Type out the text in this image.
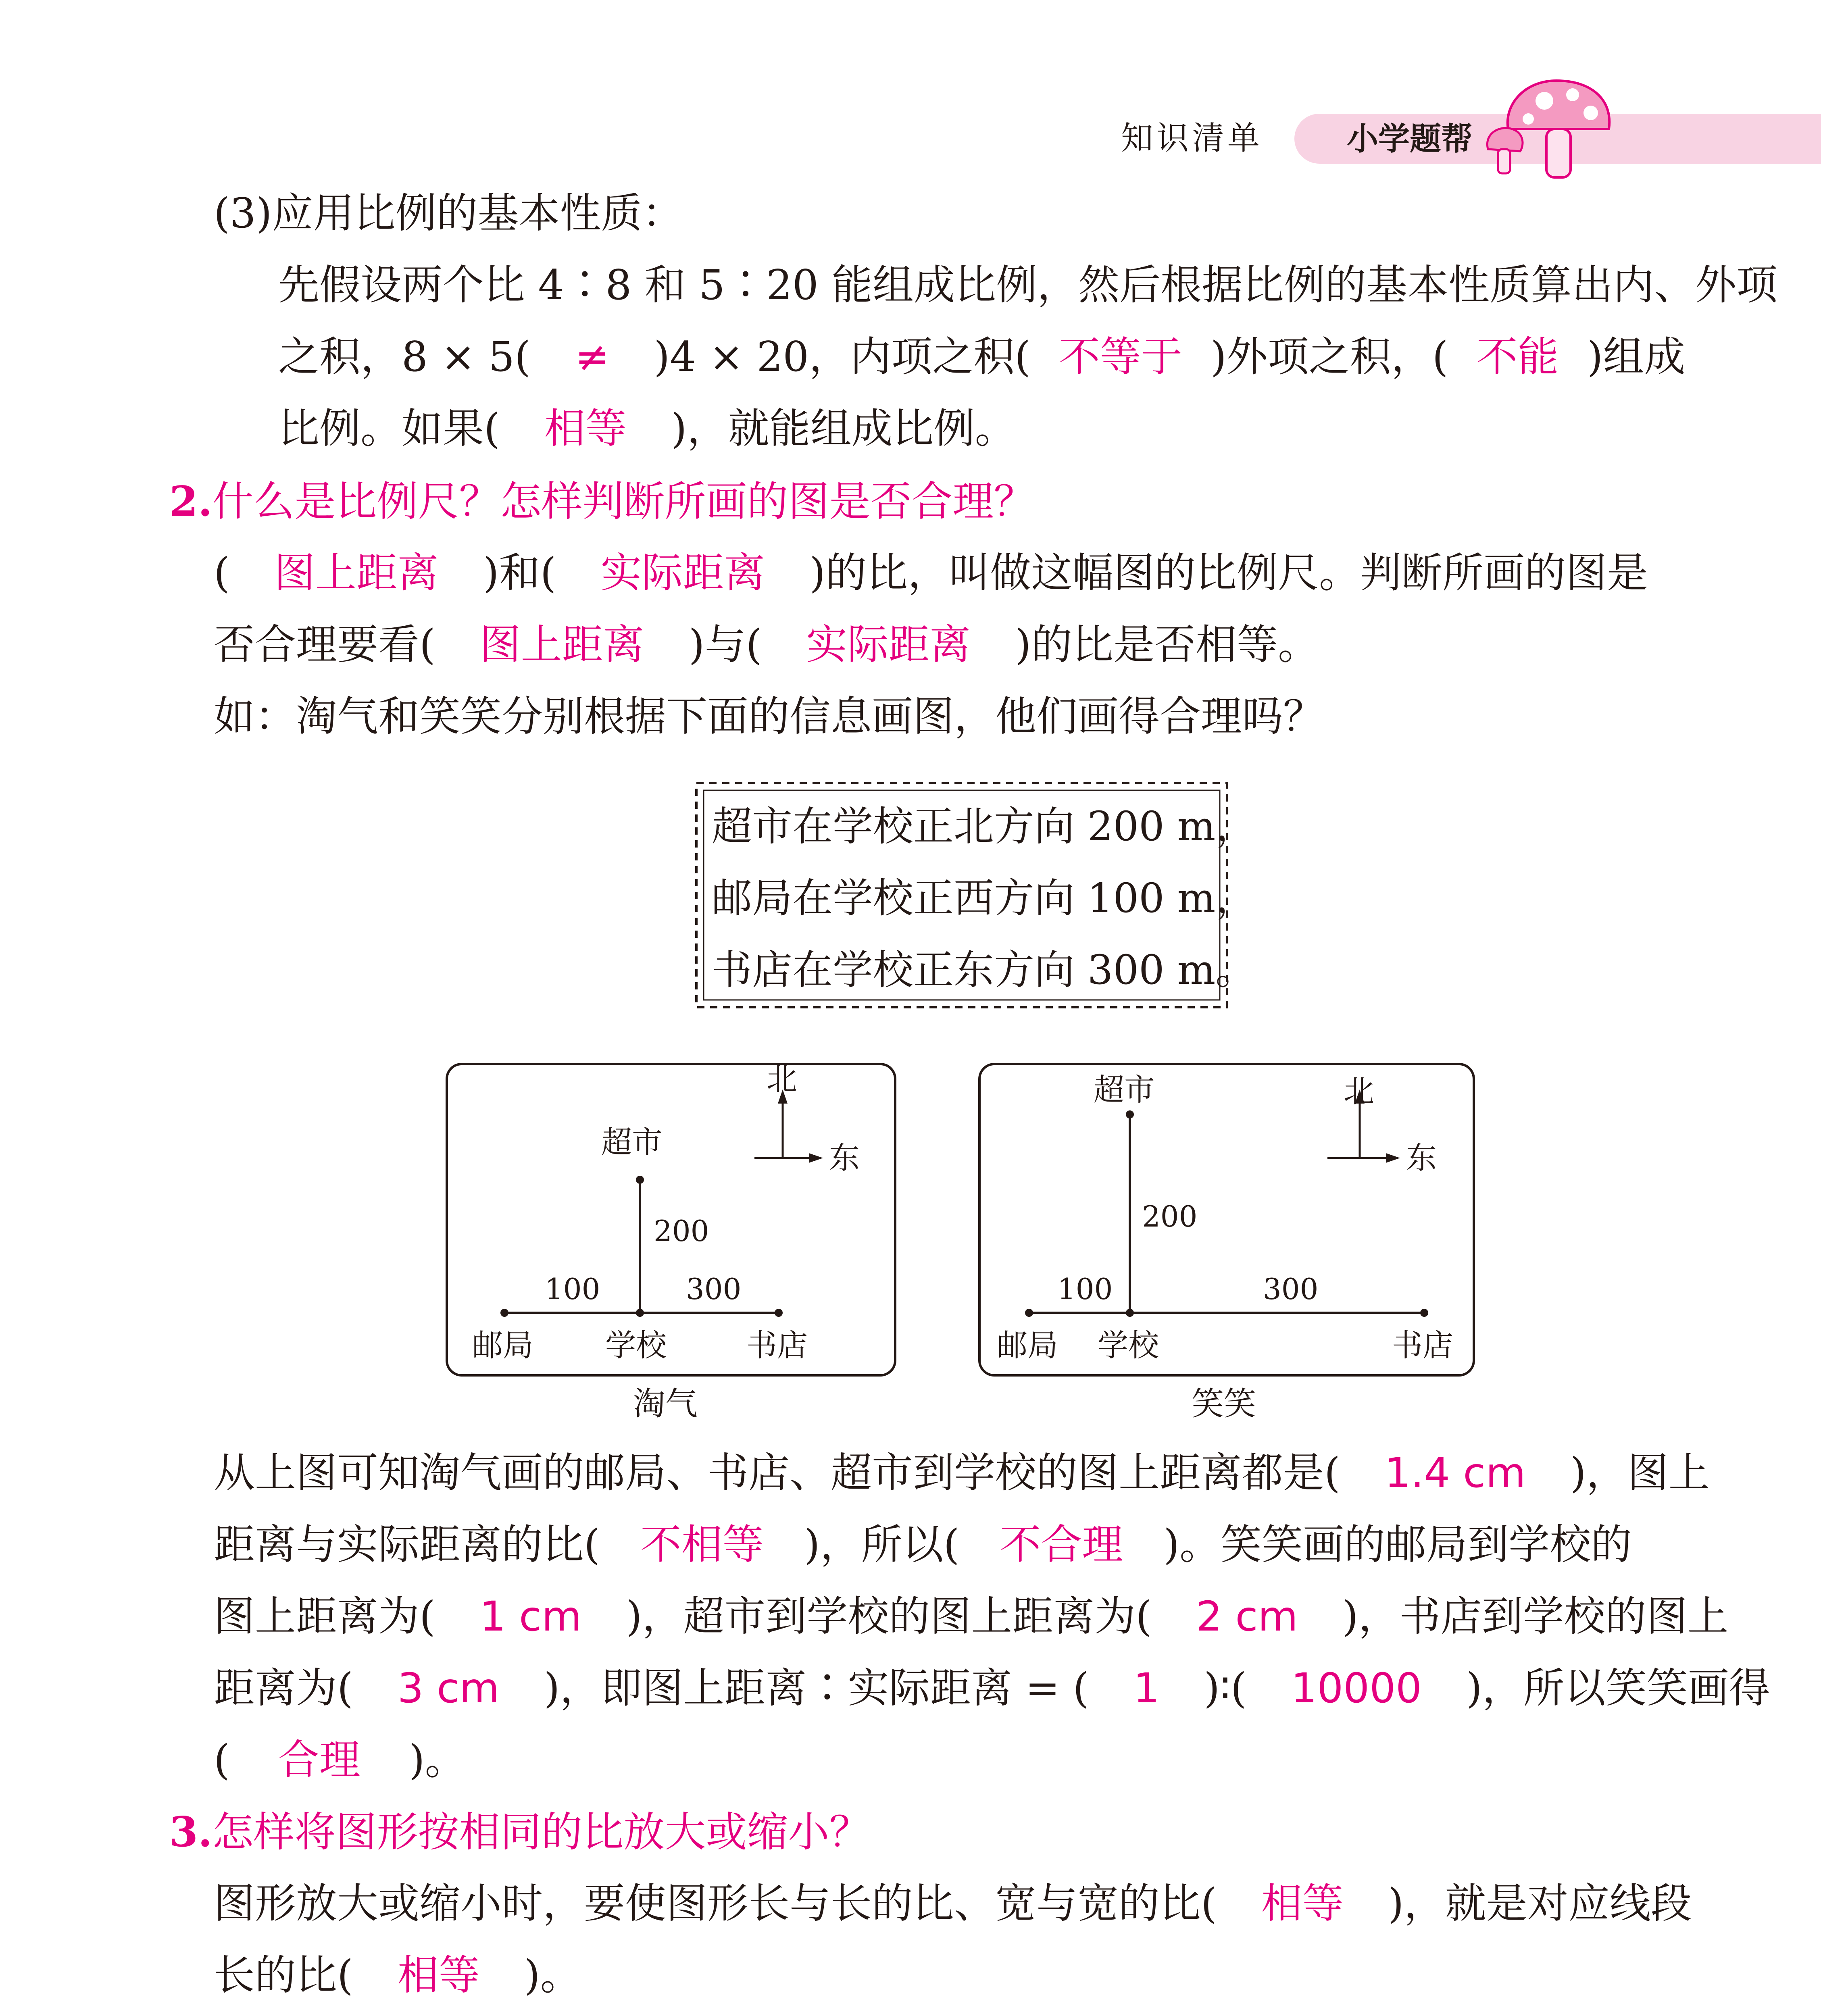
知识清单	小学题帮
(3)应用比例的基本性质：
先假设两个比 4∶8 和 5∶20 能组成比例，然后根据比例的基本性质算出内、外项
之积，8 × 5( ≠ )4 × 20，内项之积( 不等于 )外项之积，( 不能 )组成
比例。如果( 相等 )，就能组成比例。
2.什么是比例尺？怎样判断所画的图是否合理？
( 图上距离 )和( 实际距离 )的比，叫做这幅图的比例尺。判断所画的图是
否合理要看( 图上距离 )与( 实际距离 )的比是否相等。
如：淘气和笑笑分别根据下面的信息画图，他们画得合理吗？
超市在学校正北方向 200 m，
邮局在学校正西方向 100 m，
书店在学校正东方向 300 m。
北
东
超市
200
100	300
邮局 学校	书店
淘气
北
东
超市
200
100	300
邮局 学校	书店
笑笑
从上图可知淘气画的邮局、书店、超市到学校的图上距离都是( 1.4 cm )，图上
距离与实际距离的比( 不相等 )，所以( 不合理 )。笑笑画的邮局到学校的
图上距离为( 1 cm )，超市到学校的图上距离为( 2 cm )，书店到学校的图上
距离为( 3 cm )，即图上距离∶实际距离 = ( 1 )∶( 10000 )，所以笑笑画得
( 合理 )。
3.怎样将图形按相同的比放大或缩小？
图形放大或缩小时，要使图形长与长的比、宽与宽的比( 相等 )，就是对应线段
长的比( 相等 )。
